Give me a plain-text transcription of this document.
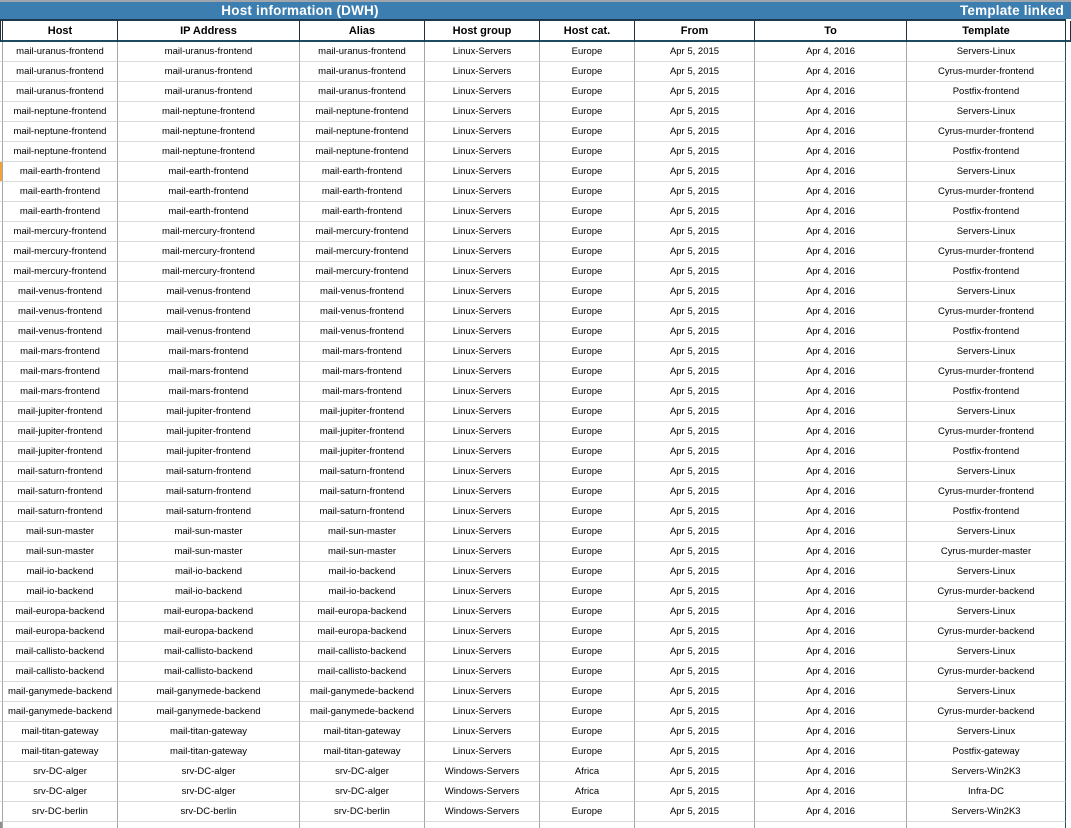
Host information (DWH)	Template linked
Host	IP Address	Alias	Host group	Host cat.	From	To	Template
mail-uranus-frontend	mail-uranus-frontend	mail-uranus-frontend	Linux-Servers	Europe	Apr 5, 2015	Apr 4, 2016	Servers-Linux
mail-uranus-frontend	mail-uranus-frontend	mail-uranus-frontend	Linux-Servers	Europe	Apr 5, 2015	Apr 4, 2016	Cyrus-murder-frontend
mail-uranus-frontend	mail-uranus-frontend	mail-uranus-frontend	Linux-Servers	Europe	Apr 5, 2015	Apr 4, 2016	Postfix-frontend
mail-neptune-frontend	mail-neptune-frontend	mail-neptune-frontend	Linux-Servers	Europe	Apr 5, 2015	Apr 4, 2016	Servers-Linux
mail-neptune-frontend	mail-neptune-frontend	mail-neptune-frontend	Linux-Servers	Europe	Apr 5, 2015	Apr 4, 2016	Cyrus-murder-frontend
mail-neptune-frontend	mail-neptune-frontend	mail-neptune-frontend	Linux-Servers	Europe	Apr 5, 2015	Apr 4, 2016	Postfix-frontend
mail-earth-frontend	mail-earth-frontend	mail-earth-frontend	Linux-Servers	Europe	Apr 5, 2015	Apr 4, 2016	Servers-Linux
mail-earth-frontend	mail-earth-frontend	mail-earth-frontend	Linux-Servers	Europe	Apr 5, 2015	Apr 4, 2016	Cyrus-murder-frontend
mail-earth-frontend	mail-earth-frontend	mail-earth-frontend	Linux-Servers	Europe	Apr 5, 2015	Apr 4, 2016	Postfix-frontend
mail-mercury-frontend	mail-mercury-frontend	mail-mercury-frontend	Linux-Servers	Europe	Apr 5, 2015	Apr 4, 2016	Servers-Linux
mail-mercury-frontend	mail-mercury-frontend	mail-mercury-frontend	Linux-Servers	Europe	Apr 5, 2015	Apr 4, 2016	Cyrus-murder-frontend
mail-mercury-frontend	mail-mercury-frontend	mail-mercury-frontend	Linux-Servers	Europe	Apr 5, 2015	Apr 4, 2016	Postfix-frontend
mail-venus-frontend	mail-venus-frontend	mail-venus-frontend	Linux-Servers	Europe	Apr 5, 2015	Apr 4, 2016	Servers-Linux
mail-venus-frontend	mail-venus-frontend	mail-venus-frontend	Linux-Servers	Europe	Apr 5, 2015	Apr 4, 2016	Cyrus-murder-frontend
mail-venus-frontend	mail-venus-frontend	mail-venus-frontend	Linux-Servers	Europe	Apr 5, 2015	Apr 4, 2016	Postfix-frontend
mail-mars-frontend	mail-mars-frontend	mail-mars-frontend	Linux-Servers	Europe	Apr 5, 2015	Apr 4, 2016	Servers-Linux
mail-mars-frontend	mail-mars-frontend	mail-mars-frontend	Linux-Servers	Europe	Apr 5, 2015	Apr 4, 2016	Cyrus-murder-frontend
mail-mars-frontend	mail-mars-frontend	mail-mars-frontend	Linux-Servers	Europe	Apr 5, 2015	Apr 4, 2016	Postfix-frontend
mail-jupiter-frontend	mail-jupiter-frontend	mail-jupiter-frontend	Linux-Servers	Europe	Apr 5, 2015	Apr 4, 2016	Servers-Linux
mail-jupiter-frontend	mail-jupiter-frontend	mail-jupiter-frontend	Linux-Servers	Europe	Apr 5, 2015	Apr 4, 2016	Cyrus-murder-frontend
mail-jupiter-frontend	mail-jupiter-frontend	mail-jupiter-frontend	Linux-Servers	Europe	Apr 5, 2015	Apr 4, 2016	Postfix-frontend
mail-saturn-frontend	mail-saturn-frontend	mail-saturn-frontend	Linux-Servers	Europe	Apr 5, 2015	Apr 4, 2016	Servers-Linux
mail-saturn-frontend	mail-saturn-frontend	mail-saturn-frontend	Linux-Servers	Europe	Apr 5, 2015	Apr 4, 2016	Cyrus-murder-frontend
mail-saturn-frontend	mail-saturn-frontend	mail-saturn-frontend	Linux-Servers	Europe	Apr 5, 2015	Apr 4, 2016	Postfix-frontend
mail-sun-master	mail-sun-master	mail-sun-master	Linux-Servers	Europe	Apr 5, 2015	Apr 4, 2016	Servers-Linux
mail-sun-master	mail-sun-master	mail-sun-master	Linux-Servers	Europe	Apr 5, 2015	Apr 4, 2016	Cyrus-murder-master
mail-io-backend	mail-io-backend	mail-io-backend	Linux-Servers	Europe	Apr 5, 2015	Apr 4, 2016	Servers-Linux
mail-io-backend	mail-io-backend	mail-io-backend	Linux-Servers	Europe	Apr 5, 2015	Apr 4, 2016	Cyrus-murder-backend
mail-europa-backend	mail-europa-backend	mail-europa-backend	Linux-Servers	Europe	Apr 5, 2015	Apr 4, 2016	Servers-Linux
mail-europa-backend	mail-europa-backend	mail-europa-backend	Linux-Servers	Europe	Apr 5, 2015	Apr 4, 2016	Cyrus-murder-backend
mail-callisto-backend	mail-callisto-backend	mail-callisto-backend	Linux-Servers	Europe	Apr 5, 2015	Apr 4, 2016	Servers-Linux
mail-callisto-backend	mail-callisto-backend	mail-callisto-backend	Linux-Servers	Europe	Apr 5, 2015	Apr 4, 2016	Cyrus-murder-backend
mail-ganymede-backend	mail-ganymede-backend	mail-ganymede-backend	Linux-Servers	Europe	Apr 5, 2015	Apr 4, 2016	Servers-Linux
mail-ganymede-backend	mail-ganymede-backend	mail-ganymede-backend	Linux-Servers	Europe	Apr 5, 2015	Apr 4, 2016	Cyrus-murder-backend
mail-titan-gateway	mail-titan-gateway	mail-titan-gateway	Linux-Servers	Europe	Apr 5, 2015	Apr 4, 2016	Servers-Linux
mail-titan-gateway	mail-titan-gateway	mail-titan-gateway	Linux-Servers	Europe	Apr 5, 2015	Apr 4, 2016	Postfix-gateway
srv-DC-alger	srv-DC-alger	srv-DC-alger	Windows-Servers	Africa	Apr 5, 2015	Apr 4, 2016	Servers-Win2K3
srv-DC-alger	srv-DC-alger	srv-DC-alger	Windows-Servers	Africa	Apr 5, 2015	Apr 4, 2016	Infra-DC
srv-DC-berlin	srv-DC-berlin	srv-DC-berlin	Windows-Servers	Europe	Apr 5, 2015	Apr 4, 2016	Servers-Win2K3
